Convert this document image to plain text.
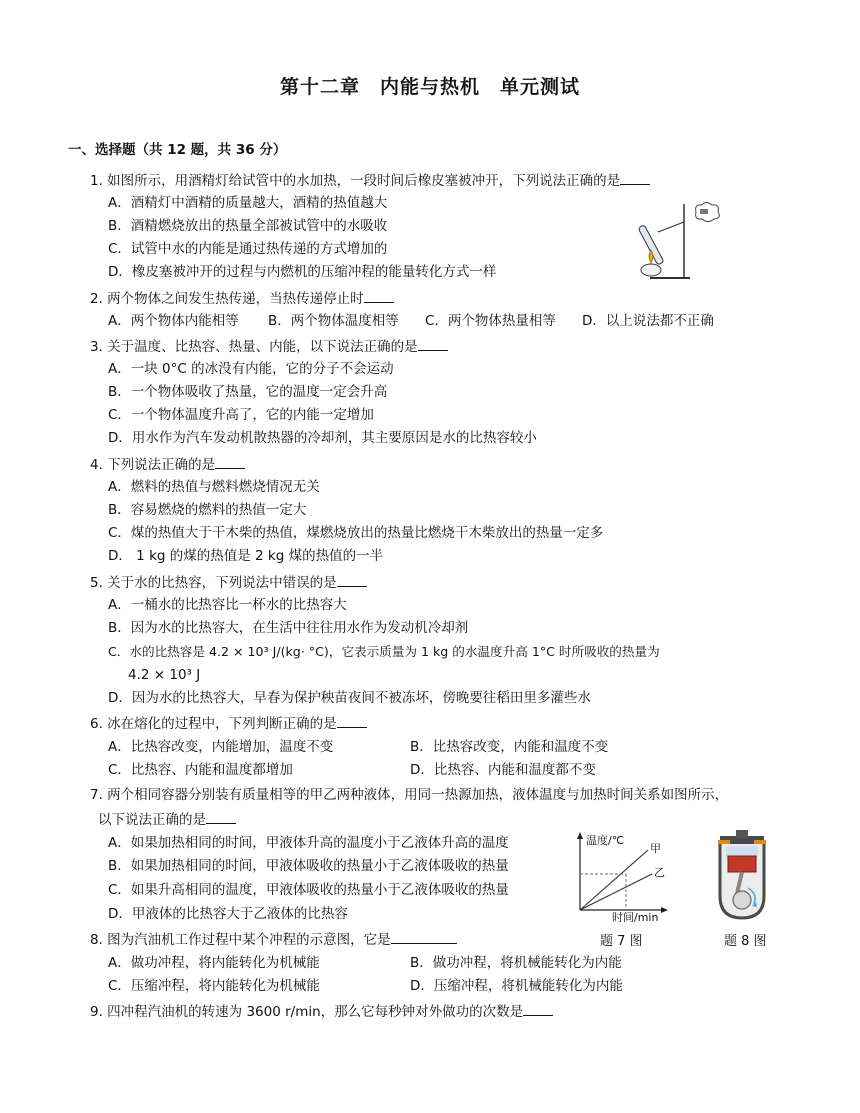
第十二章　内能与热机　单元测试
一、选择题（共 12 题，共 36 分）
1. 如图所示，用酒精灯给试管中的水加热，一段时间后橡皮塞被冲开，下列说法正确的是
A．酒精灯中酒精的质量越大，酒精的热值越大
B．酒精燃烧放出的热量全部被试管中的水吸收
C．试管中水的内能是通过热传递的方式增加的
D．橡皮塞被冲开的过程与内燃机的压缩冲程的能量转化方式一样
2. 两个物体之间发生热传递，当热传递停止时
A．两个物体内能相等 B．两个物体温度相等 C．两个物体热量相等 D．以上说法都不正确
3. 关于温度、比热容、热量、内能，以下说法正确的是
A．一块 0°C 的冰没有内能，它的分子不会运动
B．一个物体吸收了热量，它的温度一定会升高
C．一个物体温度升高了，它的内能一定增加
D．用水作为汽车发动机散热器的冷却剂，其主要原因是水的比热容较小
4. 下列说法正确的是
A．燃料的热值与燃料燃烧情况无关
B．容易燃烧的燃料的热值一定大
C．煤的热值大于干木柴的热值，煤燃烧放出的热量比燃烧干木柴放出的热量一定多
D． 1 kg 的煤的热值是 2 kg 煤的热值的一半
5. 关于水的比热容，下列说法中错误的是
A．一桶水的比热容比一杯水的比热容大
B．因为水的比热容大，在生活中往往用水作为发动机冷却剂
C．水的比热容是 4.2 × 10³ J/(kg· °C)，它表示质量为 1 kg 的水温度升高 1°C 时所吸收的热量为
4.2 × 10³ J
D．因为水的比热容大，早春为保护秧苗夜间不被冻坏，傍晚要往稻田里多灌些水
6. 冰在熔化的过程中，下列判断正确的是
A．比热容改变，内能增加，温度不变	B．比热容改变，内能和温度不变
C．比热容、内能和温度都增加	D．比热容、内能和温度都不变
7. 两个相同容器分别装有质量相等的甲乙两种液体，用同一热源加热，液体温度与加热时间关系如图所示，
以下说法正确的是
A．如果加热相同的时间，甲液体升高的温度小于乙液体升高的温度
B．如果加热相同的时间，甲液体吸收的热量小于乙液体吸收的热量
C．如果升高相同的温度，甲液体吸收的热量小于乙液体吸收的热量
D．甲液体的比热容大于乙液体的比热容
温度/℃
时间/min
甲
乙
题 7 图	题 8 图
8. 图为汽油机工作过程中某个冲程的示意图，它是
A．做功冲程，将内能转化为机械能	B．做功冲程，将机械能转化为内能
C．压缩冲程，将内能转化为机械能	D．压缩冲程，将机械能转化为内能
9. 四冲程汽油机的转速为 3600 r/min，那么它每秒钟对外做功的次数是
